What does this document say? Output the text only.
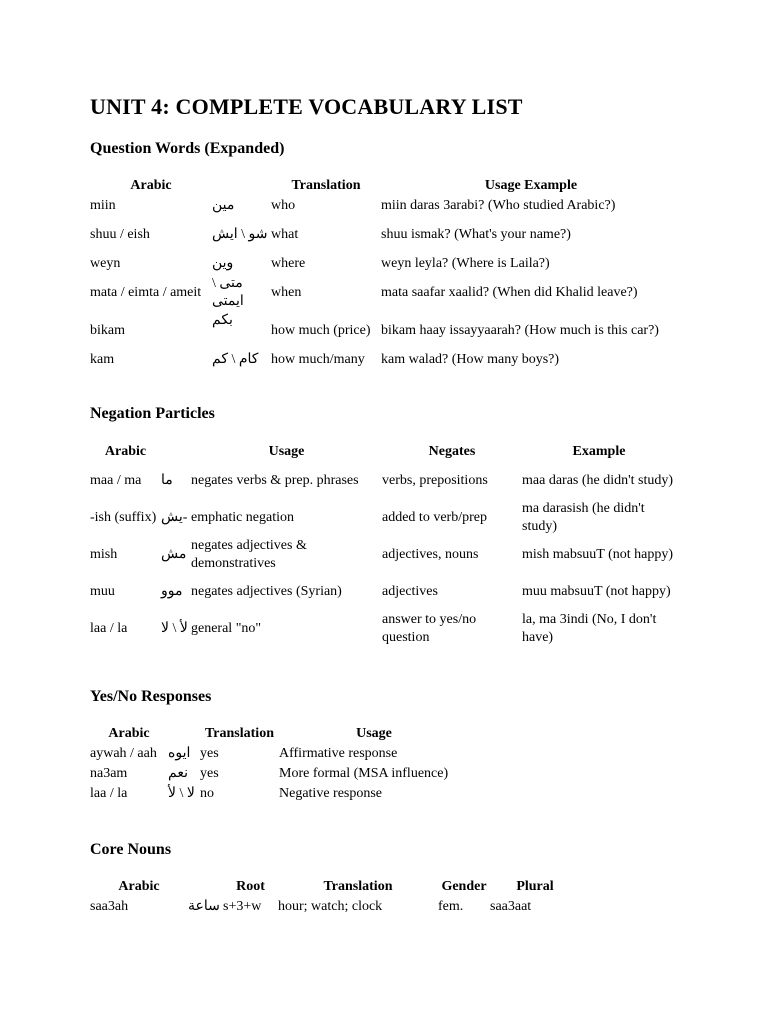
UNIT 4: COMPLETE VOCABULARY LIST
Question Words (Expanded)
Arabic		Translation	Usage Example
miin	مين	who	miin daras 3arabi? (Who studied Arabic?)
shuu / eish	شو \ ايش	what	shuu ismak? (What's your name?)
weyn	وين	where	weyn leyla? (Where is Laila?)
mata / eimta / ameit	متى \ ايمتى	when	mata saafar xaalid? (When did Khalid leave?)
bikam	بكم	how much (price)	bikam haay issayyaarah? (How much is this car?)
kam	كام \ كم	how much/many	kam walad? (How many boys?)
Negation Particles
Arabic		Usage	Negates	Example
maa / ma	ما	negates verbs & prep. phrases	verbs, prepositions	maa daras (he didn't study)
-ish (suffix)	-يش	emphatic negation	added to verb/prep	ma darasish (he didn't study)
mish	مش	negates adjectives & demonstratives	adjectives, nouns	mish mabsuuT (not happy)
muu	موو	negates adjectives (Syrian)	adjectives	muu mabsuuT (not happy)
laa / la	لأ \ لا	general "no"	answer to yes/no question	la, ma 3indi (No, I don't have)
Yes/No Responses
Arabic		Translation	Usage
aywah / aah	ايوه	yes	Affirmative response
na3am	نعم	yes	More formal (MSA influence)
laa / la	لا \ لأ	no	Negative response
Core Nouns
Arabic		Root	Translation	Gender	Plural
saa3ah	ساعة	s+3+w	hour; watch; clock	fem.	saa3aat
